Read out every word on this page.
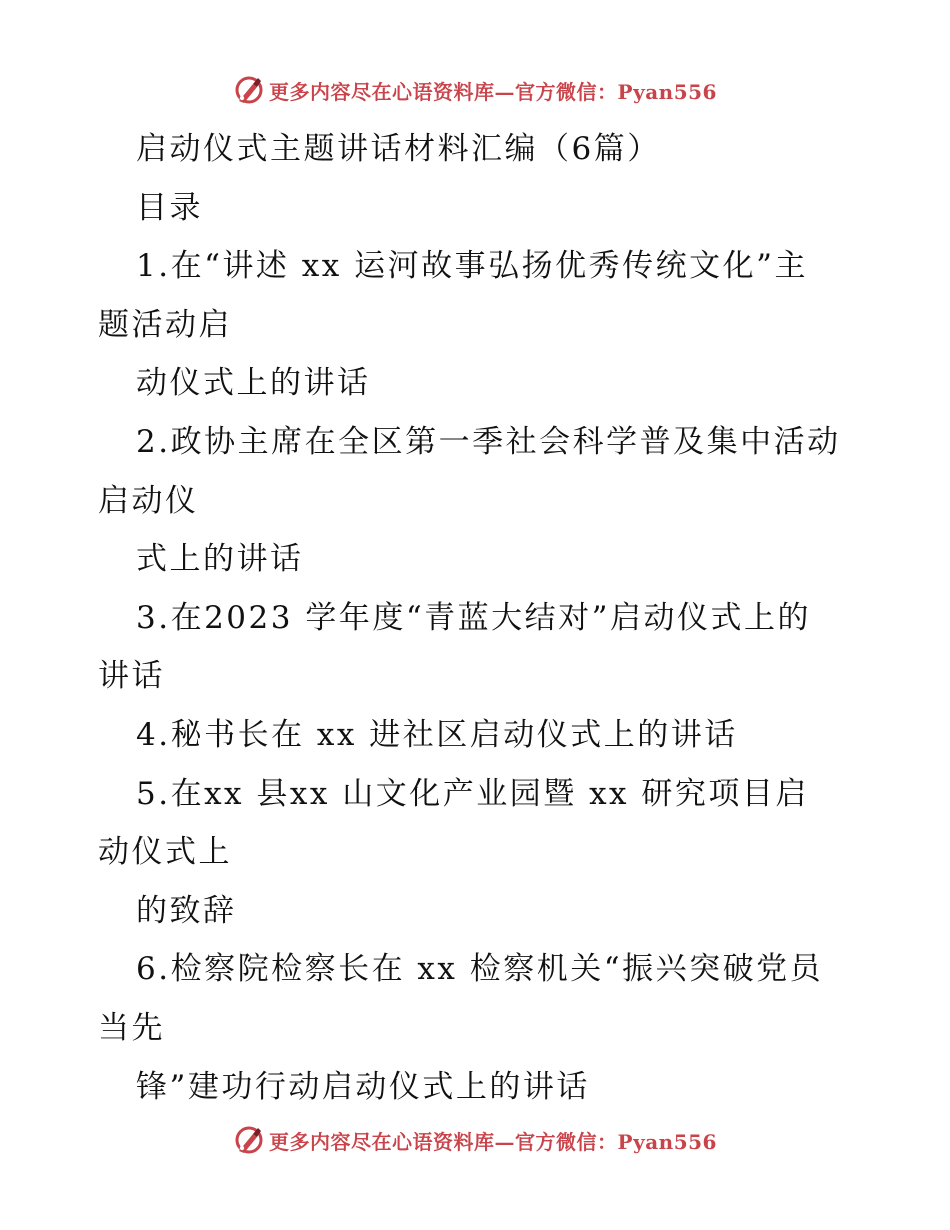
更多内容尽在心语资料库—官方微信：Pyan556
启动仪式主题讲话材料汇编（6篇）
目录
1.在“讲述 xx 运河故事弘扬优秀传统文化”主
题活动启
动仪式上的讲话
2.政协主席在全区第一季社会科学普及集中活动
启动仪
式上的讲话
3.在2023 学年度“青蓝大结对”启动仪式上的
讲话
4.秘书长在 xx 进社区启动仪式上的讲话
5.在xx 县xx 山文化产业园暨 xx 研究项目启
动仪式上
的致辞
6.检察院检察长在 xx 检察机关“振兴突破党员
当先
锋”建功行动启动仪式上的讲话
更多内容尽在心语资料库—官方微信：Pyan556
